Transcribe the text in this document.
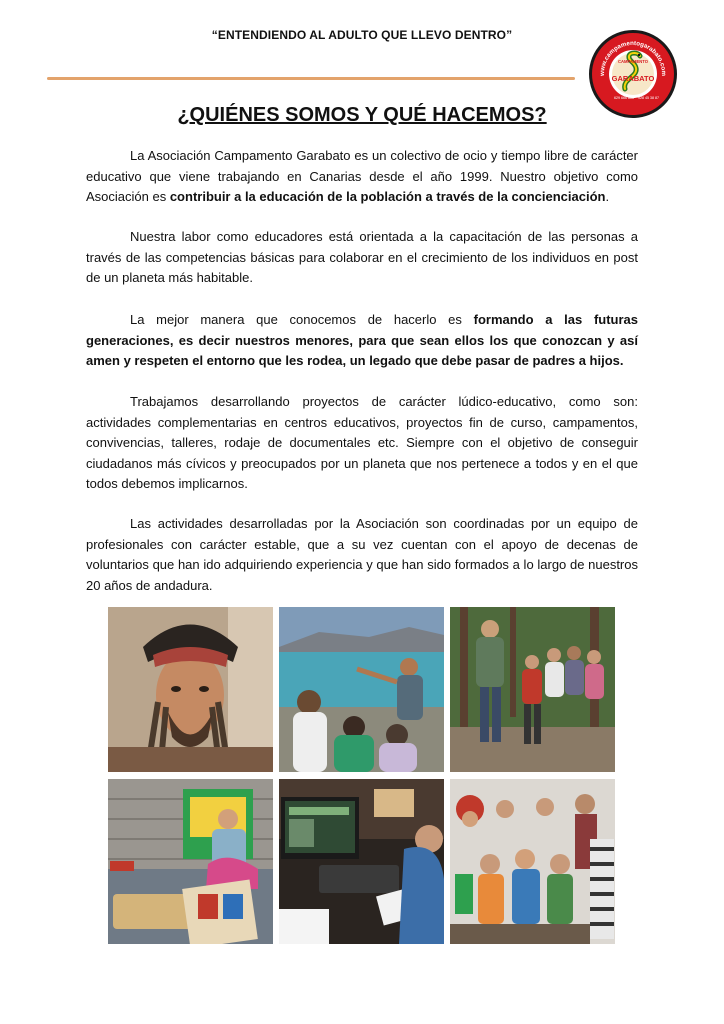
“ENTENDIENDO AL ADULTO QUE LLEVO DENTRO”
www.campamentogarabato.com
GARABATO
CAMPAMENTO
629 666 888 928 45 38 87
¿QUIÉNES SOMOS Y QUÉ HACEMOS?

La Asociación Campamento Garabato es un colectivo de ocio y tiempo libre de carácter educativo que viene trabajando en Canarias desde el año 1999. Nuestro objetivo como Asociación es contribuir a la educación de la población a través de la concienciación.

Nuestra labor como educadores está orientada a la capacitación de las personas a través de las competencias básicas para colaborar en el crecimiento de los individuos en post de un planeta más habitable.

La mejor manera que conocemos de hacerlo es formando a las futuras generaciones, es decir nuestros menores, para que sean ellos los que conozcan y así amen y respeten el entorno que les rodea, un legado que debe pasar de padres a hijos.

Trabajamos desarrollando proyectos de carácter lúdico-educativo, como son: actividades complementarias en centros educativos, proyectos fin de curso, campamentos, convivencias, talleres, rodaje de documentales etc. Siempre con el objetivo de conseguir ciudadanos más cívicos y preocupados por un planeta que nos pertenece a todos y en el que todos debemos implicarnos.

Las actividades desarrolladas por la Asociación son coordinadas por un equipo de profesionales con carácter estable, que a su vez cuentan con el apoyo de decenas de voluntarios que han ido adquiriendo experiencia y que han sido formados a lo largo de nuestros 20 años de andadura.
